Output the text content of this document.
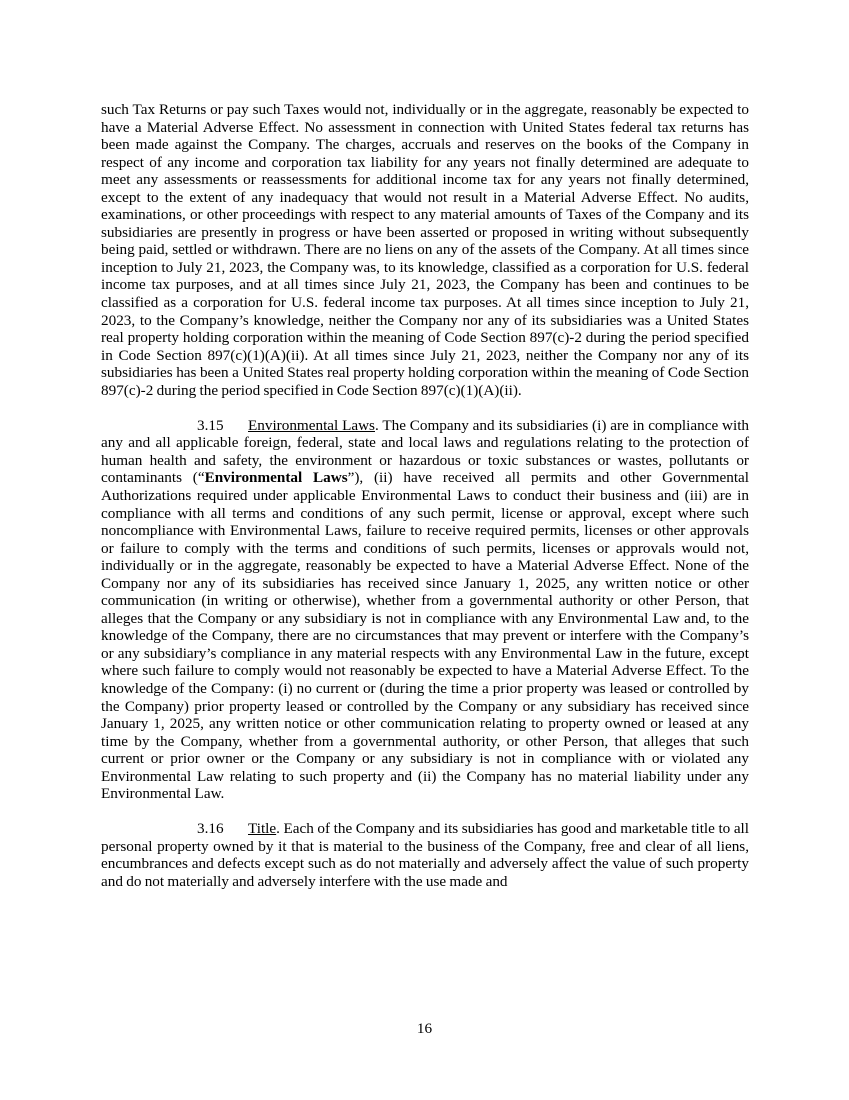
such Tax Returns or pay such Taxes would not, individually or in the aggregate, reasonably be expected to have a Material Adverse Effect. No assessment in connection with United States federal tax returns has been made against the Company. The charges, accruals and reserves on the books of the Company in respect of any income and corporation tax liability for any years not finally determined are adequate to meet any assessments or reassessments for additional income tax for any years not finally determined, except to the extent of any inadequacy that would not result in a Material Adverse Effect. No audits, examinations, or other proceedings with respect to any material amounts of Taxes of the Company and its subsidiaries are presently in progress or have been asserted or proposed in writing without subsequently being paid, settled or withdrawn. There are no liens on any of the assets of the Company. At all times since inception to July 21, 2023, the Company was, to its knowledge, classified as a corporation for U.S. federal income tax purposes, and at all times since July 21, 2023, the Company has been and continues to be classified as a corporation for U.S. federal income tax purposes. At all times since inception to July 21, 2023, to the Company’s knowledge, neither the Company nor any of its subsidiaries was a United States real property holding corporation within the meaning of Code Section 897(c)-2 during the period specified in Code Section 897(c)(1)(A)(ii). At all times since July 21, 2023, neither the Company nor any of its subsidiaries has been a United States real property holding corporation within the meaning of Code Section 897(c)-2 during the period specified in Code Section 897(c)(1)(A)(ii).

3.15 Environmental Laws. The Company and its subsidiaries (i) are in compliance with any and all applicable foreign, federal, state and local laws and regulations relating to the protection of human health and safety, the environment or hazardous or toxic substances or wastes, pollutants or contaminants (“Environmental Laws”), (ii) have received all permits and other Governmental Authorizations required under applicable Environmental Laws to conduct their business and (iii) are in compliance with all terms and conditions of any such permit, license or approval, except where such noncompliance with Environmental Laws, failure to receive required permits, licenses or other approvals or failure to comply with the terms and conditions of such permits, licenses or approvals would not, individually or in the aggregate, reasonably be expected to have a Material Adverse Effect. None of the Company nor any of its subsidiaries has received since January 1, 2025, any written notice or other communication (in writing or otherwise), whether from a governmental authority or other Person, that alleges that the Company or any subsidiary is not in compliance with any Environmental Law and, to the knowledge of the Company, there are no circumstances that may prevent or interfere with the Company’s or any subsidiary’s compliance in any material respects with any Environmental Law in the future, except where such failure to comply would not reasonably be expected to have a Material Adverse Effect. To the knowledge of the Company: (i) no current or (during the time a prior property was leased or controlled by the Company) prior property leased or controlled by the Company or any subsidiary has received since January 1, 2025, any written notice or other communication relating to property owned or leased at any time by the Company, whether from a governmental authority, or other Person, that alleges that such current or prior owner or the Company or any subsidiary is not in compliance with or violated any Environmental Law relating to such property and (ii) the Company has no material liability under any Environmental Law.

3.16 Title. Each of the Company and its subsidiaries has good and marketable title to all personal property owned by it that is material to the business of the Company, free and clear of all liens, encumbrances and defects except such as do not materially and adversely affect the value of such property and do not materially and adversely interfere with the use made and

16
